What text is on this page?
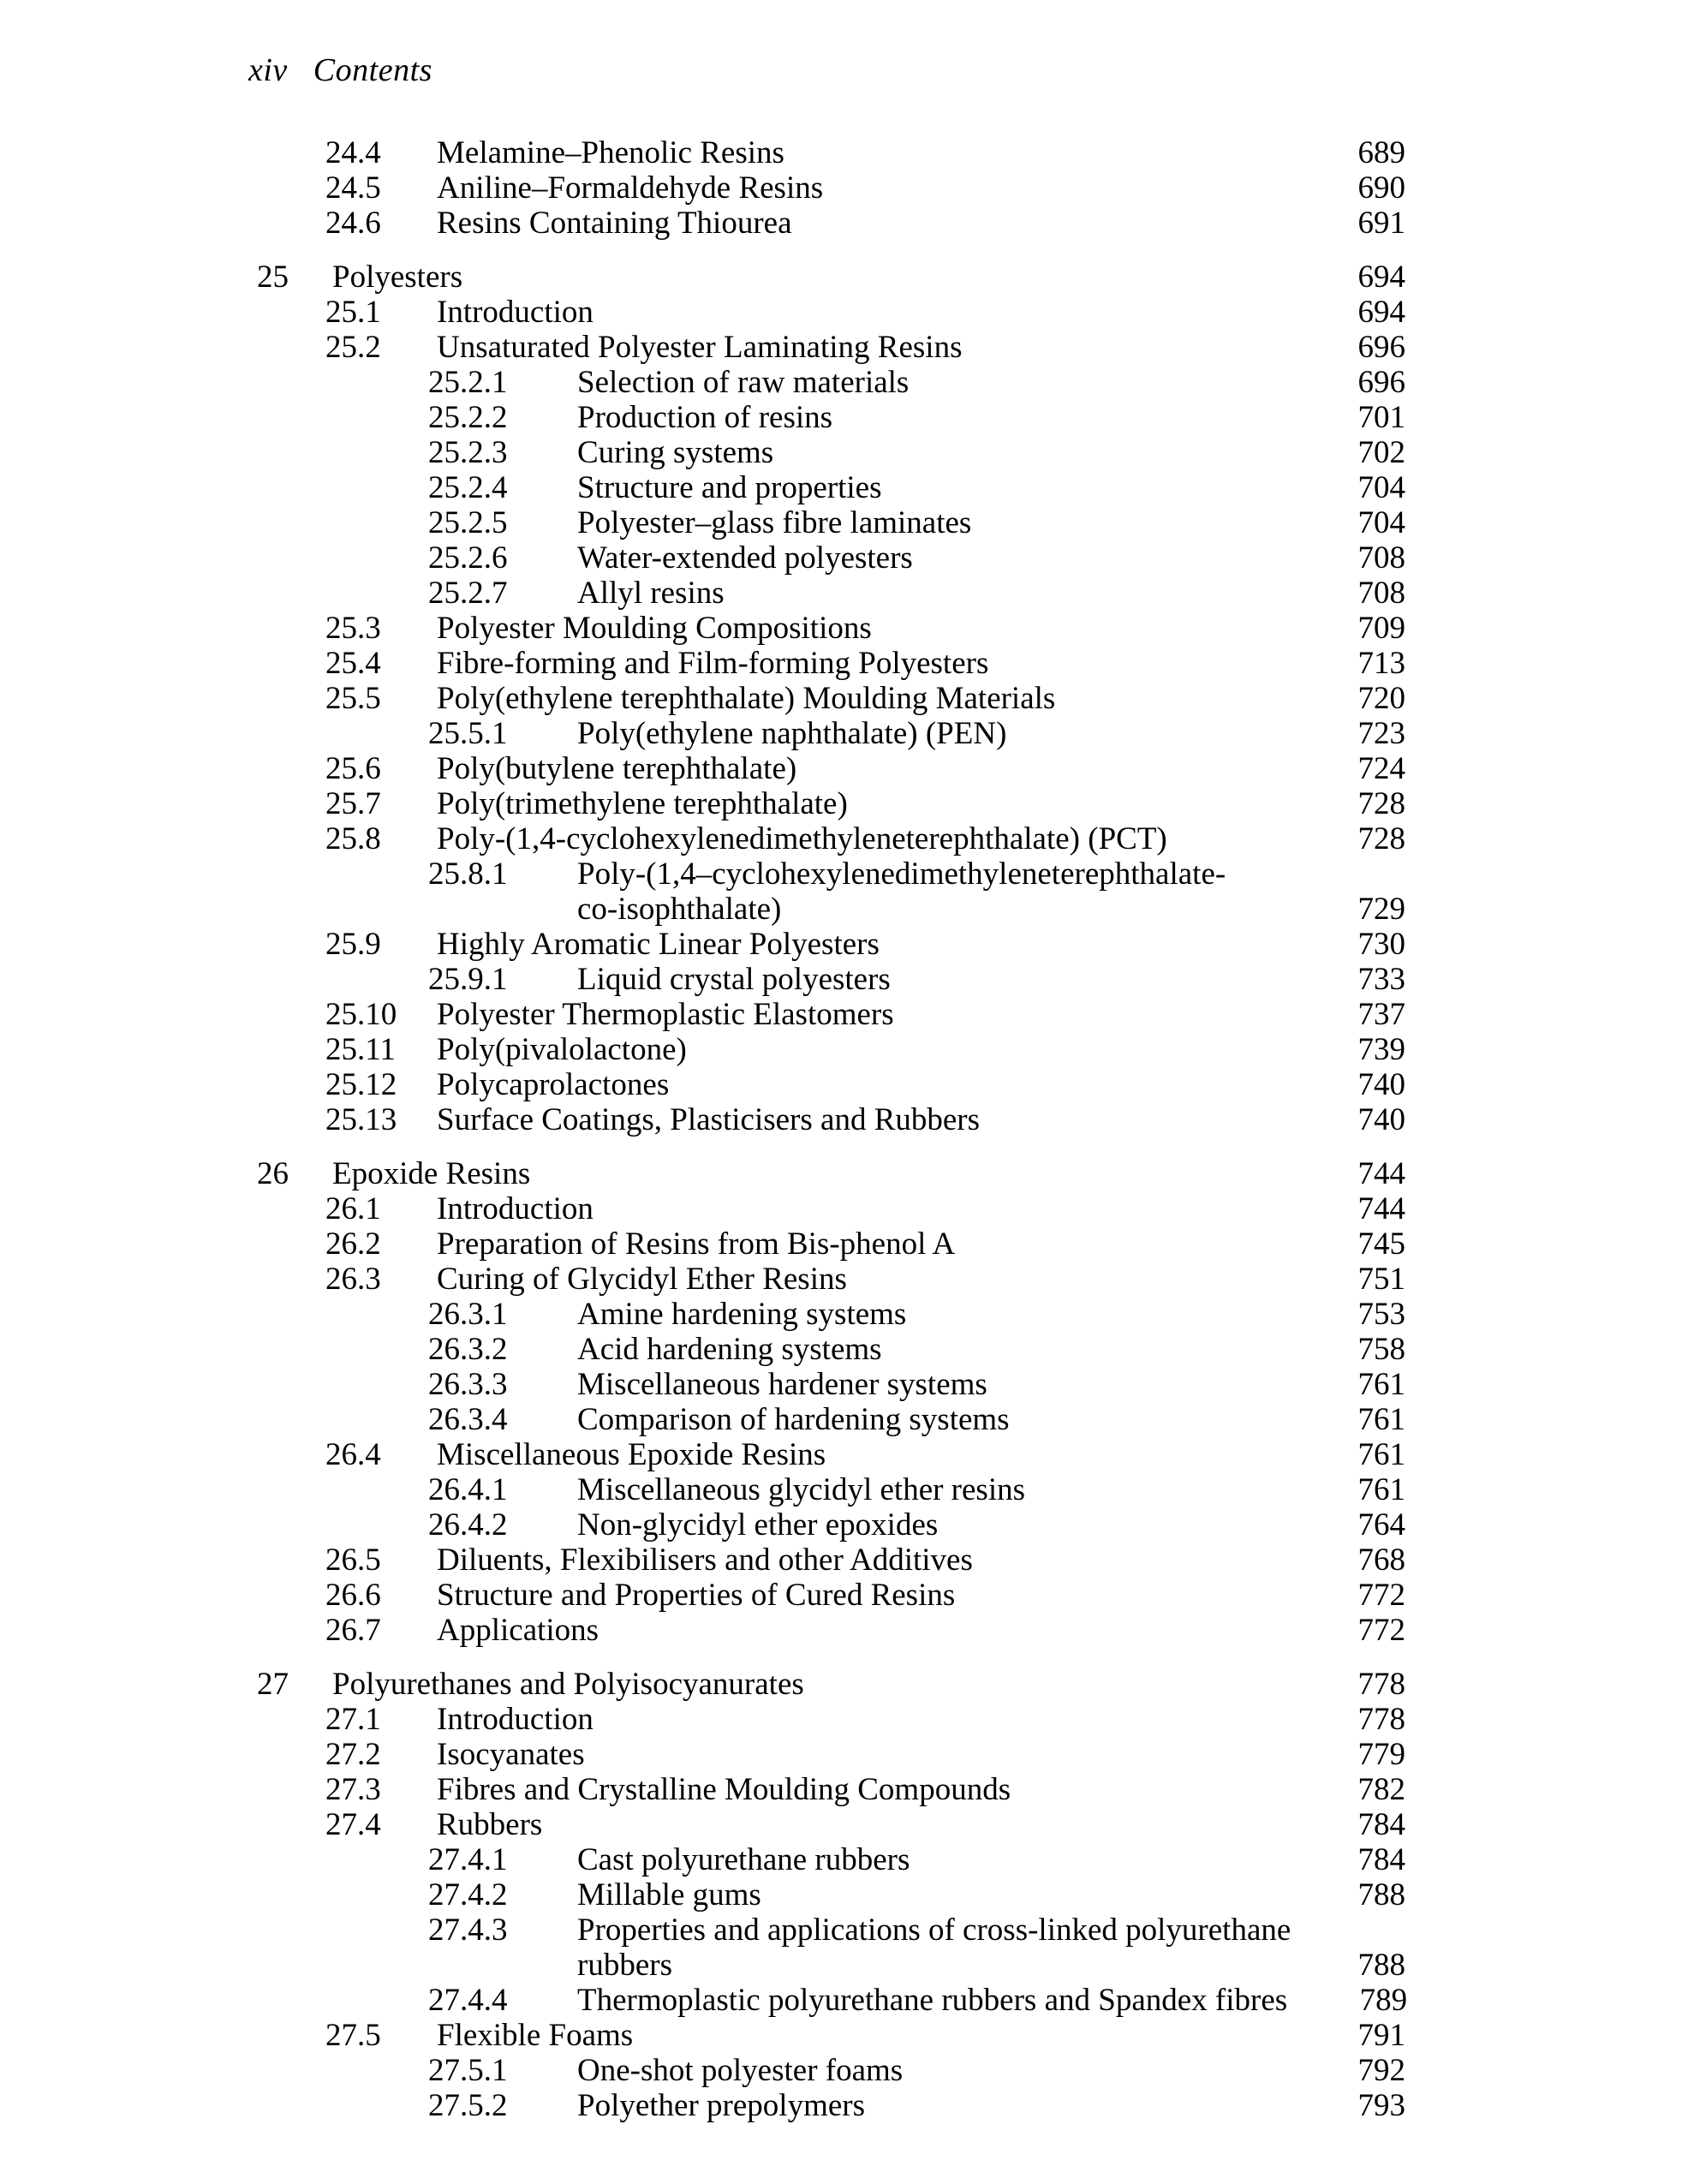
xiv Contents
24.4	Melamine–Phenolic Resins	689
24.5	Aniline–Formaldehyde Resins	690
24.6	Resins Containing Thiourea	691
25	Polyesters	694
25.1	Introduction	694
25.2	Unsaturated Polyester Laminating Resins	696
25.2.1	Selection of raw materials	696
25.2.2	Production of resins	701
25.2.3	Curing systems	702
25.2.4	Structure and properties	704
25.2.5	Polyester–glass fibre laminates	704
25.2.6	Water-extended polyesters	708
25.2.7	Allyl resins	708
25.3	Polyester Moulding Compositions	709
25.4	Fibre-forming and Film-forming Polyesters	713
25.5	Poly(ethylene terephthalate) Moulding Materials	720
25.5.1	Poly(ethylene naphthalate) (PEN)	723
25.6	Poly(butylene terephthalate)	724
25.7	Poly(trimethylene terephthalate)	728
25.8	Poly-(1,4-cyclohexylenedimethyleneterephthalate) (PCT)	728
25.8.1	Poly-(1,4–cyclohexylenedimethyleneterephthalate-
co-isophthalate)	729
25.9	Highly Aromatic Linear Polyesters	730
25.9.1	Liquid crystal polyesters	733
25.10	Polyester Thermoplastic Elastomers	737
25.11	Poly(pivalolactone)	739
25.12	Polycaprolactones	740
25.13	Surface Coatings, Plasticisers and Rubbers	740
26	Epoxide Resins	744
26.1	Introduction	744
26.2	Preparation of Resins from Bis-phenol A	745
26.3	Curing of Glycidyl Ether Resins	751
26.3.1	Amine hardening systems	753
26.3.2	Acid hardening systems	758
26.3.3	Miscellaneous hardener systems	761
26.3.4	Comparison of hardening systems	761
26.4	Miscellaneous Epoxide Resins	761
26.4.1	Miscellaneous glycidyl ether resins	761
26.4.2	Non-glycidyl ether epoxides	764
26.5	Diluents, Flexibilisers and other Additives	768
26.6	Structure and Properties of Cured Resins	772
26.7	Applications	772
27	Polyurethanes and Polyisocyanurates	778
27.1	Introduction	778
27.2	Isocyanates	779
27.3	Fibres and Crystalline Moulding Compounds	782
27.4	Rubbers	784
27.4.1	Cast polyurethane rubbers	784
27.4.2	Millable gums	788
27.4.3	Properties and applications of cross-linked polyurethane
rubbers	788
27.4.4	Thermoplastic polyurethane rubbers and Spandex fibres	789
27.5	Flexible Foams	791
27.5.1	One-shot polyester foams	792
27.5.2	Polyether prepolymers	793
